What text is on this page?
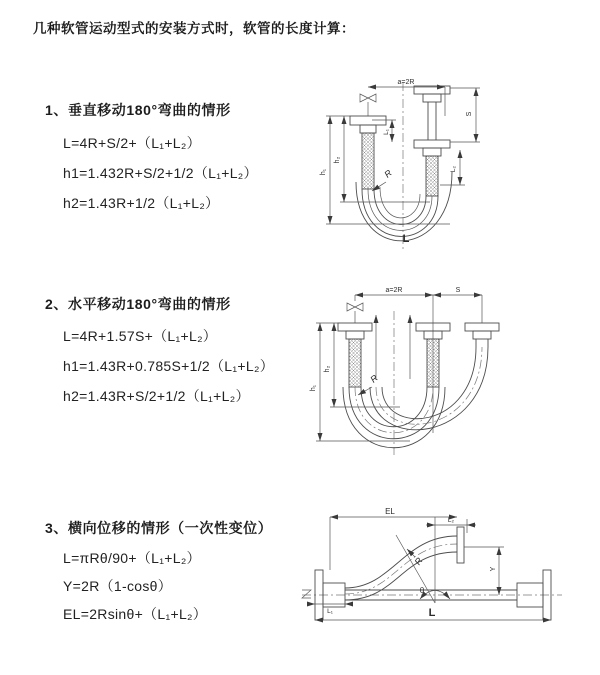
几种软管运动型式的安装方式时，软管的长度计算：
1、垂直移动180°弯曲的情形
L=4R+S/2+（L₁+L₂）
h1=1.432R+S/2+1/2（L₁+L₂）
h2=1.43R+1/2（L₁+L₂）
2、水平移动180°弯曲的情形
L=4R+1.57S+（L₁+L₂）
h1=1.43R+0.785S+1/2（L₁+L₂）
h2=1.43R+S/2+1/2（L₁+L₂）
3、横向位移的情形（一次性变位）
L=πRθ/90+（L₁+L₂）
Y=2R（1-cosθ）
EL=2Rsinθ+（L₁+L₂）
a=2R
S
L₂
L₁
h₁
h₂
R
L
a=2R	S
h₁
h₂
R
EL
L₂
Y
L
L₁
R
θ
